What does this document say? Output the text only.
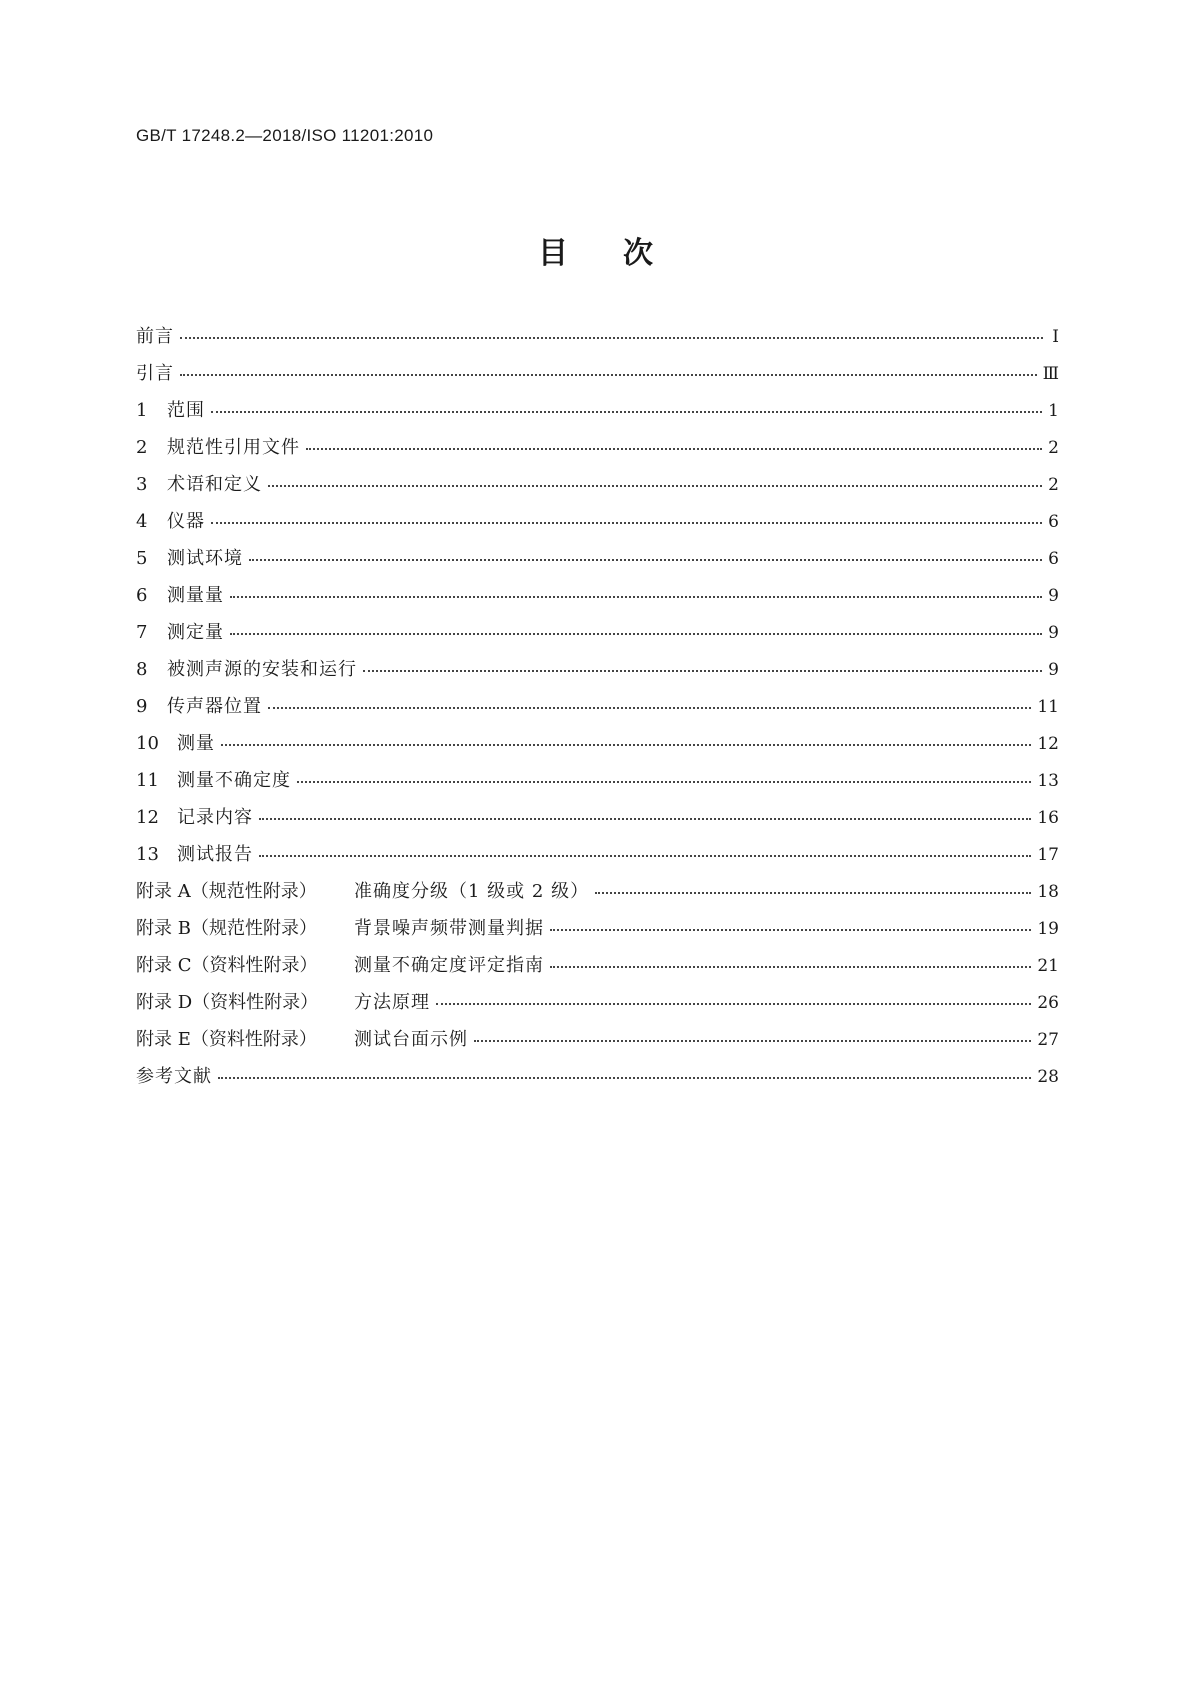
GB/T 17248.2—2018/ISO 11201:2010
目次
前言	Ⅰ
引言	Ⅲ
1	范围	1
2	规范性引用文件	2
3	术语和定义	2
4	仪器	6
5	测试环境	6
6	测量量	9
7	测定量	9
8	被测声源的安装和运行	9
9	传声器位置	11
10	测量	12
11	测量不确定度	13
12	记录内容	16
13	测试报告	17
附录 A（规范性附录）	准确度分级（1 级或 2 级）	18
附录 B（规范性附录）	背景噪声频带测量判据	19
附录 C（资料性附录）	测量不确定度评定指南	21
附录 D（资料性附录）	方法原理	26
附录 E（资料性附录）	测试台面示例	27
参考文献	28
